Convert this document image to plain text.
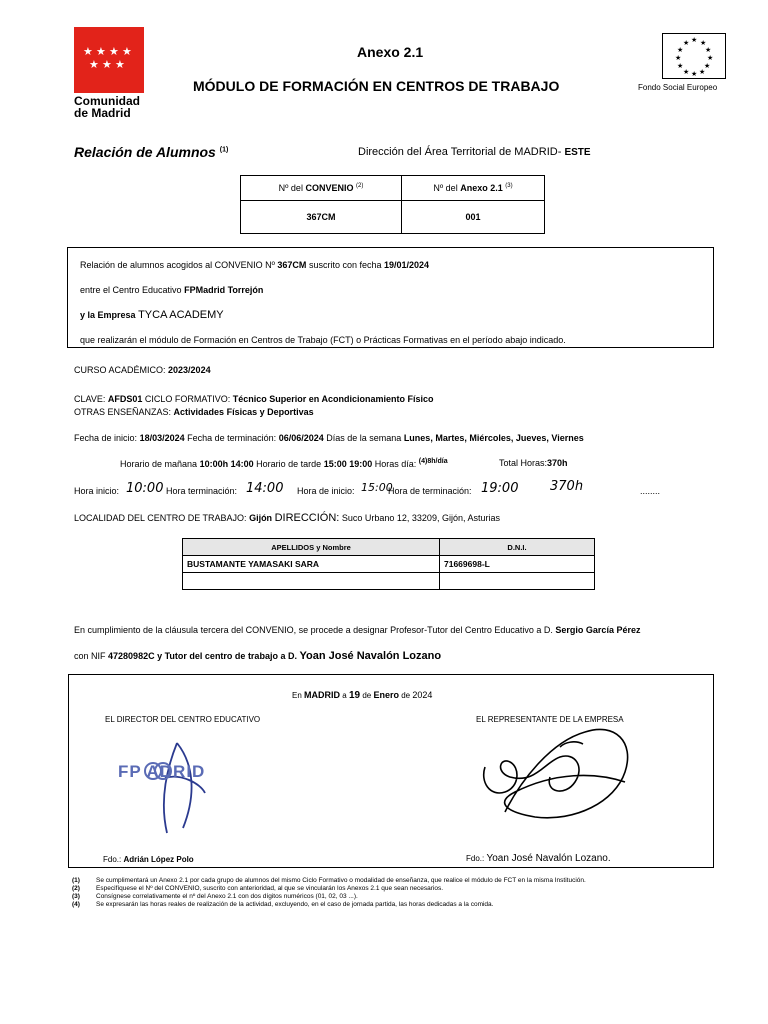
★ ★ ★ ★
★ ★ ★
Comunidad
de Madrid
Anexo 2.1
MÓDULO DE FORMACIÓN EN CENTROS DE TRABAJO
★ ★
★
★
★
★
★
★
★
★
★
★
Fondo Social Europeo
Relación de Alumnos $^{(1)}$	Dirección del Área Territorial de MADRID- ESTE
Nº del CONVENIO $^{(2)}$	Nº del Anexo 2.1 $^{(3)}$
367CM	001
Relación de alumnos acogidos al CONVENIO Nº 367CM suscrito con fecha 19/01/2024
entre el Centro Educativo FPMadrid Torrejón
y la Empresa TYCA ACADEMY
que realizarán el módulo de Formación en Centros de Trabajo (FCT) o Prácticas Formativas en el período abajo indicado.
CURSO ACADÉMICO: 2023/2024
CLAVE: AFDS01 CICLO FORMATIVO: Técnico Superior en Acondicionamiento Físico
OTRAS ENSEÑANZAS: Actividades Físicas y Deportivas
Fecha de inicio: 18/03/2024 Fecha de terminación: 06/06/2024 Días de la semana Lunes, Martes, Miércoles, Jueves, Viernes
Horario de mañana 10:00h 14:00 Horario de tarde 15:00 19:00 Horas día: $^{(4)8h/día}$	Total Horas:370h
Hora inicio: 10:00 Hora terminación: 14:00 Hora de inicio: 15:00
Hora de terminación: 19:00 370h	........
LOCALIDAD DEL CENTRO DE TRABAJO: Gijón DIRECCIÓN: Suco Urbano 12, 33209, Gijón, Asturias
APELLIDOS y Nombre	D.N.I.
BUSTAMANTE YAMASAKI SARA	71669698-L

En cumplimiento de la cláusula tercera del CONVENIO, se procede a designar Profesor-Tutor del Centro Educativo a D. Sergio García Pérez
con NIF 47280982C y Tutor del centro de trabajo a D. Yoan José Navalón Lozano
En MADRID a 19 de Enero de 2024
EL DIRECTOR DEL CENTRO EDUCATIVO	EL REPRESENTANTE DE LA EMPRESA
FP ADRID
Fdo.: Adrián López Polo	Fdo.: Yoan José Navalón Lozano.
(1) Se cumplimentará un Anexo 2.1 por cada grupo de alumnos del mismo Ciclo Formativo o modalidad de enseñanza, que realice el módulo de FCT en la misma Institución.
(2) Especifíquese el Nº del CONVENIO, suscrito con anterioridad, al que se vincularán los Anexos 2.1 que sean necesarios.
(3) Consígnese correlativamente el nº del Anexo 2.1 con dos dígitos numéricos (01, 02, 03 ...).
(4) Se expresarán las horas reales de realización de la actividad, excluyendo, en el caso de jornada partida, las horas dedicadas a la comida.
